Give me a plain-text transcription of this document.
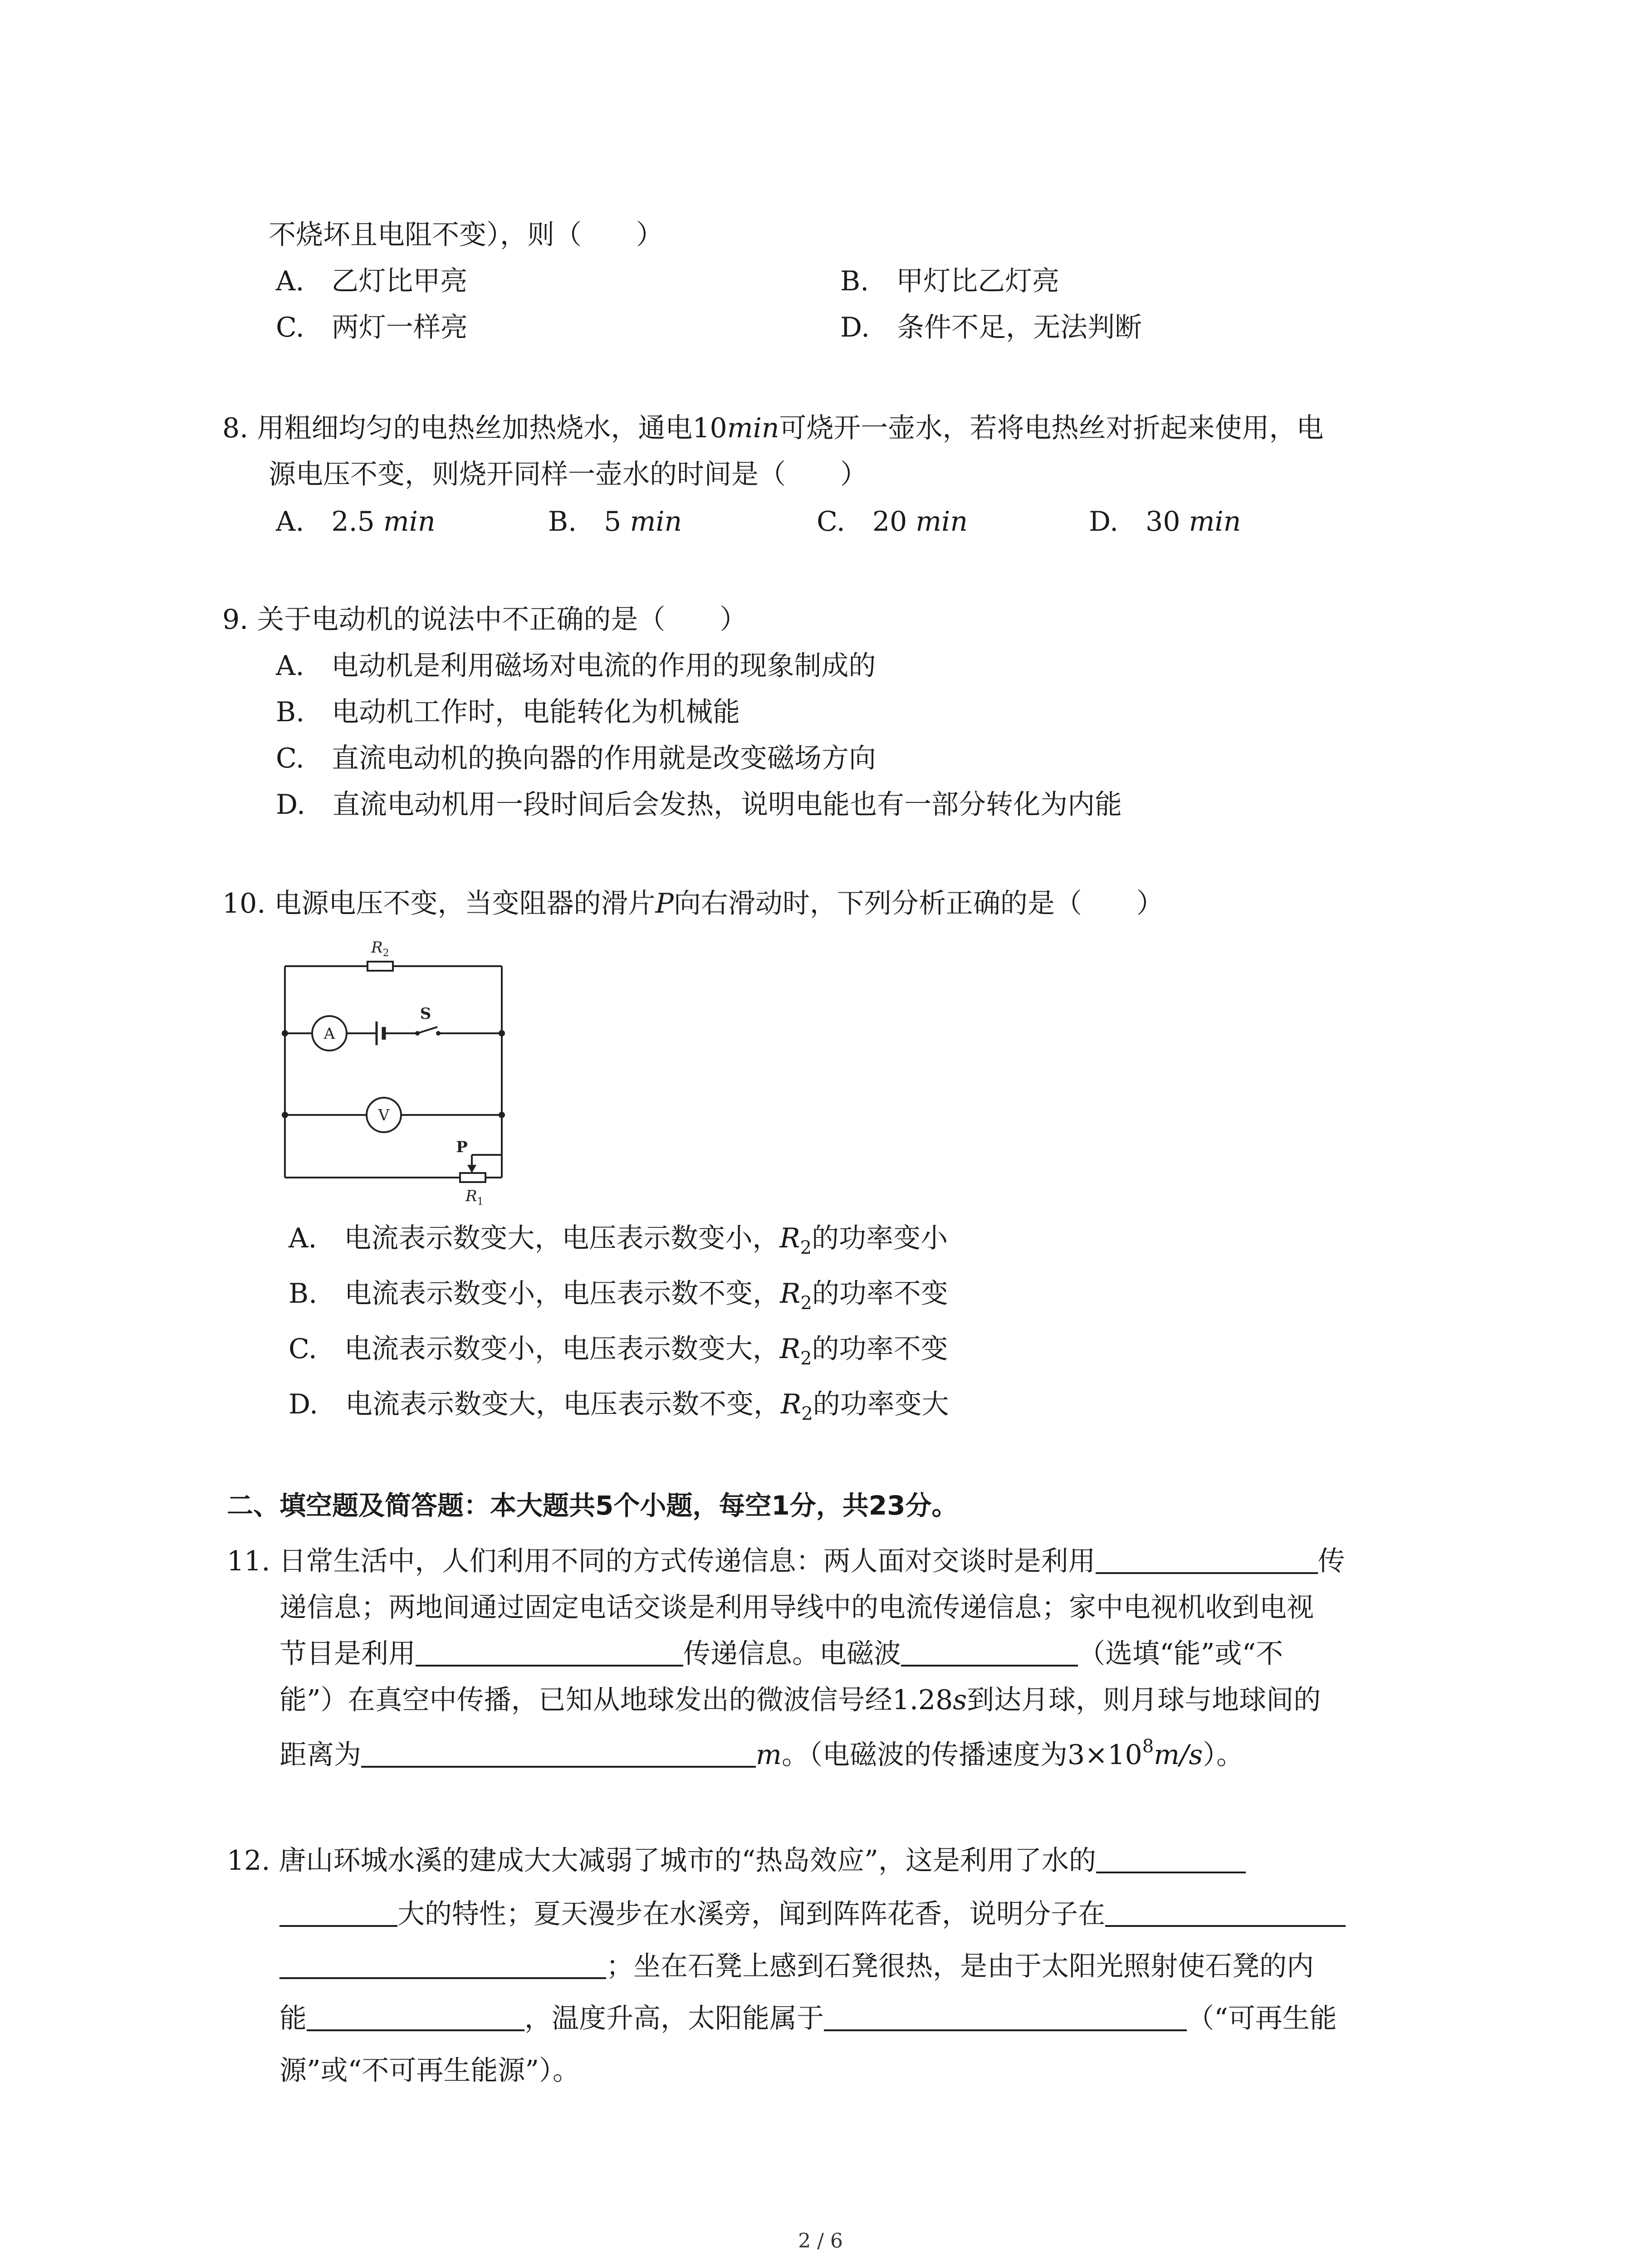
不烧坏且电阻不变），则（　　）
A.　 乙灯比甲亮	B.　 甲灯比乙灯亮
C.　 两灯一样亮	D.　 条件不足，无法判断
8. 用粗细均匀的电热丝加热烧水，通电10min可烧开一壶水，若将电热丝对折起来使用，电
源电压不变，则烧开同样一壶水的时间是（　　）
A.　 2.5 min	B.　 5 min	C.　 20 min	D.　 30 min
9. 关于电动机的说法中不正确的是（　　）
A.　 电动机是利用磁场对电流的作用的现象制成的
B.　 电动机工作时，电能转化为机械能
C.　 直流电动机的换向器的作用就是改变磁场方向
D.　 直流电动机用一段时间后会发热，说明电能也有一部分转化为内能
10. 电源电压不变，当变阻器的滑片P向右滑动时，下列分析正确的是（　　）
$R_2$
A
S
V
P
$R_1$
A.　 电流表示数变大，电压表示数变小，$R_2$的功率变小
B.　 电流表示数变小，电压表示数不变，$R_2$的功率不变
C.　 电流表示数变小，电压表示数变大，$R_2$的功率不变
D.　 电流表示数变大，电压表示数不变，$R_2$的功率变大
二、填空题及简答题：本大题共5个小题，每空1分，共23分。
11. 日常生活中，人们利用不同的方式传递信息：两人面对交谈时是利用	传
递信息；两地间通过固定电话交谈是利用导线中的电流传递信息；家中电视机收到电视
节目是利用	传递信息。电磁波	（选填“能”或“不
能”）在真空中传播，已知从地球发出的微波信号经1.28s到达月球，则月球与地球间的
距离为	m。（电磁波的传播速度为$3\times 10^8m/s$）。
12. 唐山环城水溪的建成大大减弱了城市的“热岛效应”，这是利用了水的
大的特性；夏天漫步在水溪旁，闻到阵阵花香，说明分子在
；坐在石凳上感到石凳很热，是由于太阳光照射使石凳的内
能	，温度升高，太阳能属于	（“可再生能
源”或“不可再生能源”）。
2 / 6
